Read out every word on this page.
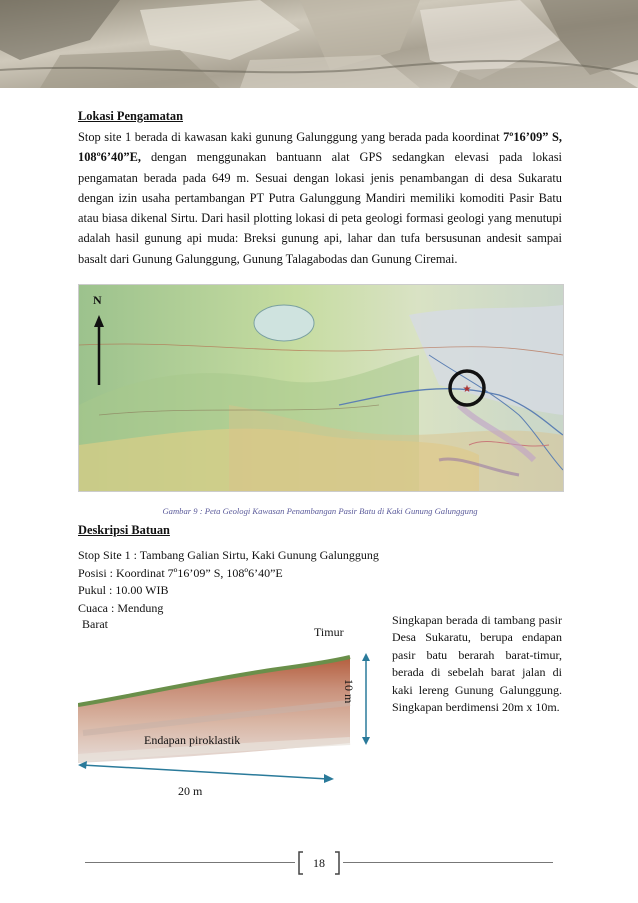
Lokasi Pengamatan
Stop site 1 berada di kawasan kaki gunung Galunggung yang berada pada koordinat 7º16’09” S, 108º6’40”E, dengan menggunakan bantuann alat GPS sedangkan elevasi pada lokasi pengamatan berada pada 649 m. Sesuai dengan lokasi jenis penambangan di desa Sukaratu dengan izin usaha pertambangan PT Putra Galunggung Mandiri memiliki komoditi Pasir Batu atau biasa dikenal Sirtu. Dari hasil plotting lokasi di peta geologi formasi geologi yang menutupi adalah hasil gunung api muda: Breksi gunung api, lahar dan tufa bersusunan andesit sampai basalt dari Gunung Galunggung, Gunung Talagabodas dan Gunung Ciremai.
★
N
Gambar 9 : Peta Geologi Kawasan Penambangan Pasir Batu di Kaki Gunung Galunggung
Deskripsi Batuan
Stop Site 1 : Tambang Galian Sirtu, Kaki Gunung Galunggung
Posisi : Koordinat 7º16’09” S, 108º6’40”E
Pukul : 10.00 WIB
Cuaca : Mendung
Barat
Timur
10 m
Endapan piroklastik
20 m
Singkapan berada di tambang pasir Desa Sukaratu, berupa endapan pasir batu berarah barat-timur, berada di sebelah barat jalan di kaki lereng Gunung Galunggung. Singkapan berdimensi 20m x 10m.
18
